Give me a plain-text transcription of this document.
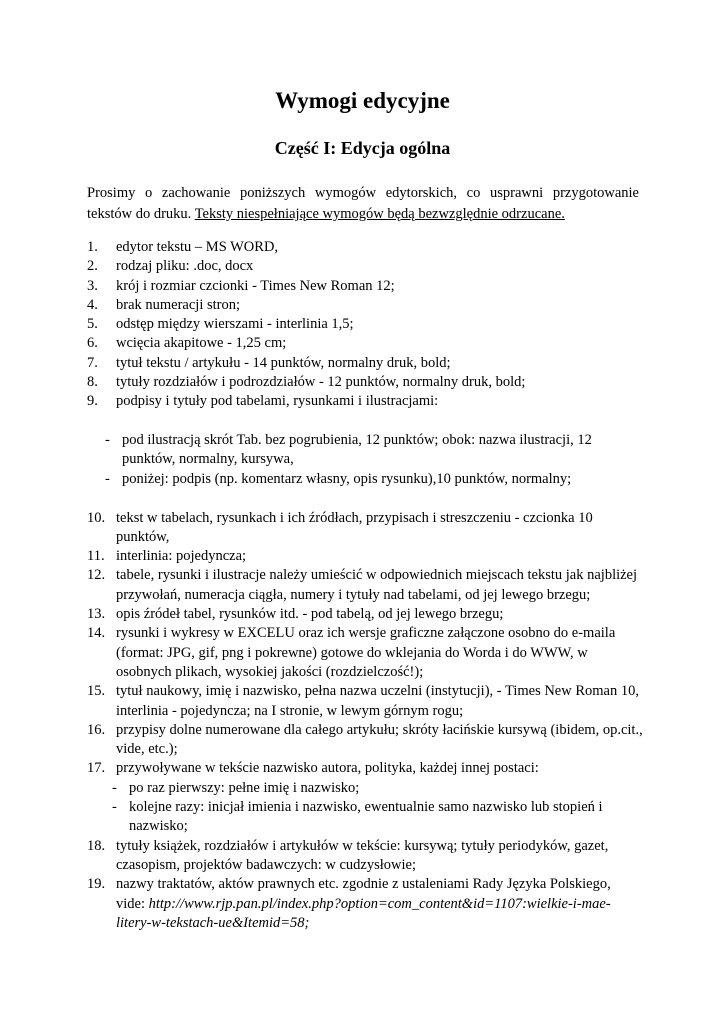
Wymogi edycyjne
Część I: Edycja ogólna

Prosimy o zachowanie poniższych wymogów edytorskich, co usprawni przygotowanie tekstów do druku. Teksty niespełniające wymogów będą bezwzględnie odrzucane.

1.	edytor tekstu – MS WORD,
2.	rodzaj pliku: .doc, docx
3.	krój i rozmiar czcionki - Times New Roman 12;
4.	brak numeracji stron;
5.	odstęp między wierszami - interlinia 1,5;
6.	wcięcia akapitowe - 1,25 cm;
7.	tytuł tekstu / artykułu - 14 punktów, normalny druk, bold;
8.	tytuły rozdziałów i podrozdziałów - 12 punktów, normalny druk, bold;
9.	podpisy i tytuły pod tabelami, rysunkami i ilustracjami:
- pod ilustracją skrót Tab. bez pogrubienia, 12 punktów; obok: nazwa ilustracji, 12 punktów, normalny, kursywa,
- poniżej: podpis (np. komentarz własny, opis rysunku),10 punktów, normalny;
10. tekst w tabelach, rysunkach i ich źródłach, przypisach i streszczeniu - czcionka 10 punktów,
11. interlinia: pojedyncza;
12. tabele, rysunki i ilustracje należy umieścić w odpowiednich miejscach tekstu jak najbliżej przywołań, numeracja ciągła, numery i tytuły nad tabelami, od jej lewego brzegu;
13. opis źródeł tabel, rysunków itd. - pod tabelą, od jej lewego brzegu;
14. rysunki i wykresy w EXCELU oraz ich wersje graficzne załączone osobno do e-maila (format: JPG, gif, png i pokrewne) gotowe do wklejania do Worda i do WWW, w osobnych plikach, wysokiej jakości (rozdzielczość!);
15. tytuł naukowy, imię i nazwisko, pełna nazwa uczelni (instytucji), - Times New Roman 10, interlinia - pojedyncza; na I stronie, w lewym górnym rogu;
16. przypisy dolne numerowane dla całego artykułu; skróty łacińskie kursywą (ibidem, op.cit., vide, etc.);
17. przywoływane w tekście nazwisko autora, polityka, każdej innej postaci:
- po raz pierwszy: pełne imię i nazwisko;
- kolejne razy: inicjał imienia i nazwisko, ewentualnie samo nazwisko lub stopień i nazwisko;
18. tytuły książek, rozdziałów i artykułów w tekście: kursywą; tytuły periodyków, gazet, czasopism, projektów badawczych: w cudzysłowie;
19. nazwy traktatów, aktów prawnych etc. zgodnie z ustaleniami Rady Języka Polskiego, vide: http://www.rjp.pan.pl/index.php?option=com_content&id=1107:wielkie-i-mae-litery-w-tekstach-ue&Itemid=58;
